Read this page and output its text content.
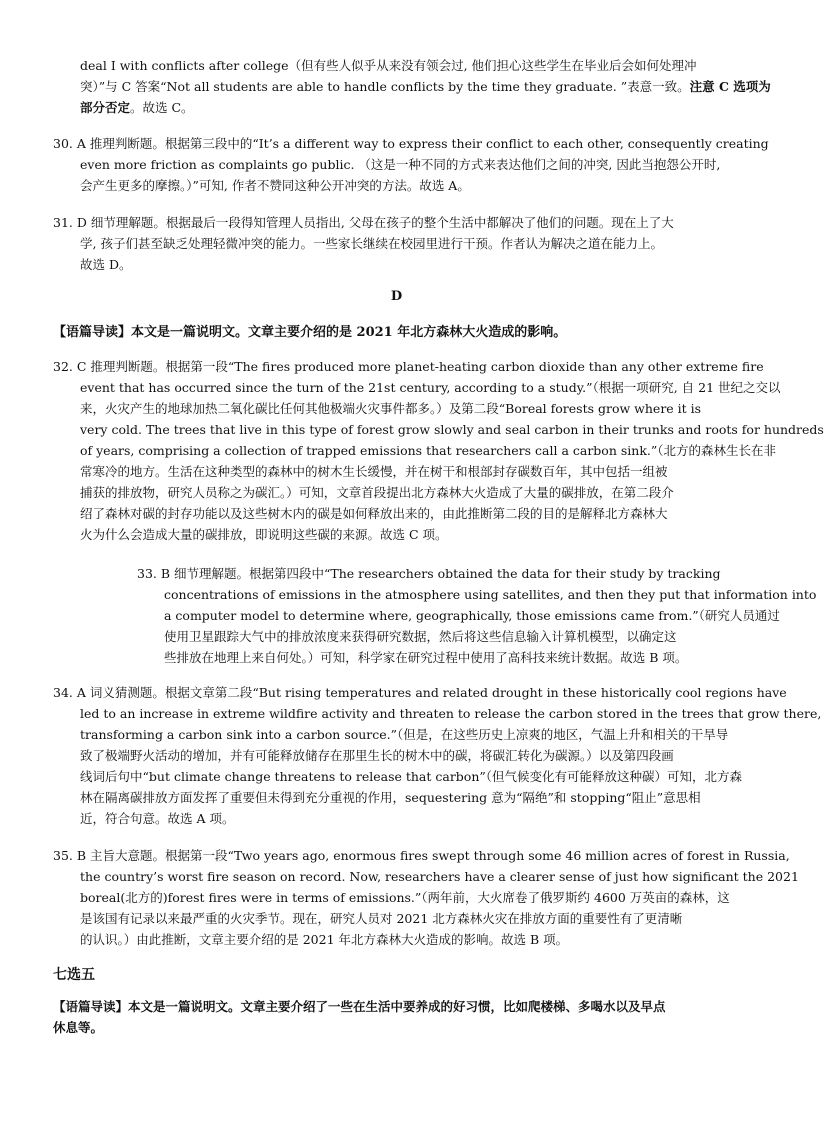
deal I with conflicts after college（但有些人似乎从来没有领会过, 他们担心这些学生在毕业后会如何处理冲
突）”与 C 答案“Not all students are able to handle conflicts by the time they graduate. ”表意一致。注意 C 选项为
部分否定。故选 C。
30. A 推理判断题。根据第三段中的“It’s a different way to express their conflict to each other, consequently creating
even more friction as complaints go public. （这是一种不同的方式来表达他们之间的冲突, 因此当抱怨公开时,
会产生更多的摩擦。）”可知, 作者不赞同这种公开冲突的方法。故选 A。
31. D 细节理解题。根据最后一段得知管理人员指出, 父母在孩子的整个生活中都解决了他们的问题。现在上了大
学, 孩子们甚至缺乏处理轻微冲突的能力。一些家长继续在校园里进行干预。作者认为解决之道在能力上。
故选 D。
D
【语篇导读】本文是一篇说明文。文章主要介绍的是 2021 年北方森林大火造成的影响。
32. C 推理判断题。根据第一段“The fires produced more planet-heating carbon dioxide than any other extreme fire
event that has occurred since the turn of the 21st century, according to a study.”（根据一项研究, 自 21 世纪之交以
来，火灾产生的地球加热二氧化碳比任何其他极端火灾事件都多。）及第二段“Boreal forests grow where it is
very cold. The trees that live in this type of forest grow slowly and seal carbon in their trunks and roots for hundreds
of years, comprising a collection of trapped emissions that researchers call a carbon sink.”（北方的森林生长在非
常寒冷的地方。生活在这种类型的森林中的树木生长缓慢，并在树干和根部封存碳数百年，其中包括一组被
捕获的排放物，研究人员称之为碳汇。）可知，文章首段提出北方森林大火造成了大量的碳排放，在第二段介
绍了森林对碳的封存功能以及这些树木内的碳是如何释放出来的，由此推断第二段的目的是解释北方森林大
火为什么会造成大量的碳排放，即说明这些碳的来源。故选 C 项。
33. B 细节理解题。根据第四段中“The researchers obtained the data for their study by tracking
concentrations of emissions in the atmosphere using satellites, and then they put that information into
a computer model to determine where, geographically, those emissions came from.”（研究人员通过
使用卫星跟踪大气中的排放浓度来获得研究数据，然后将这些信息输入计算机模型，以确定这
些排放在地理上来自何处。）可知，科学家在研究过程中使用了高科技来统计数据。故选 B 项。
34. A 词义猜测题。根据文章第二段“But rising temperatures and related drought in these historically cool regions have
led to an increase in extreme wildfire activity and threaten to release the carbon stored in the trees that grow there,
transforming a carbon sink into a carbon source.”（但是，在这些历史上凉爽的地区，气温上升和相关的干旱导
致了极端野火活动的增加，并有可能释放储存在那里生长的树木中的碳，将碳汇转化为碳源。）以及第四段画
线词后句中“but climate change threatens to release that carbon”（但气候变化有可能释放这种碳）可知，北方森
林在隔离碳排放方面发挥了重要但未得到充分重视的作用，sequestering 意为“隔绝”和 stopping“阻止”意思相
近，符合句意。故选 A 项。
35. B 主旨大意题。根据第一段“Two years ago, enormous fires swept through some 46 million acres of forest in Russia,
the country’s worst fire season on record. Now, researchers have a clearer sense of just how significant the 2021
boreal(北方的)forest fires were in terms of emissions.”（两年前，大火席卷了俄罗斯约 4600 万英亩的森林，这
是该国有记录以来最严重的火灾季节。现在，研究人员对 2021 北方森林火灾在排放方面的重要性有了更清晰
的认识。）由此推断，文章主要介绍的是 2021 年北方森林大火造成的影响。故选 B 项。
七选五
【语篇导读】本文是一篇说明文。文章主要介绍了一些在生活中要养成的好习惯，比如爬楼梯、多喝水以及早点
休息等。
